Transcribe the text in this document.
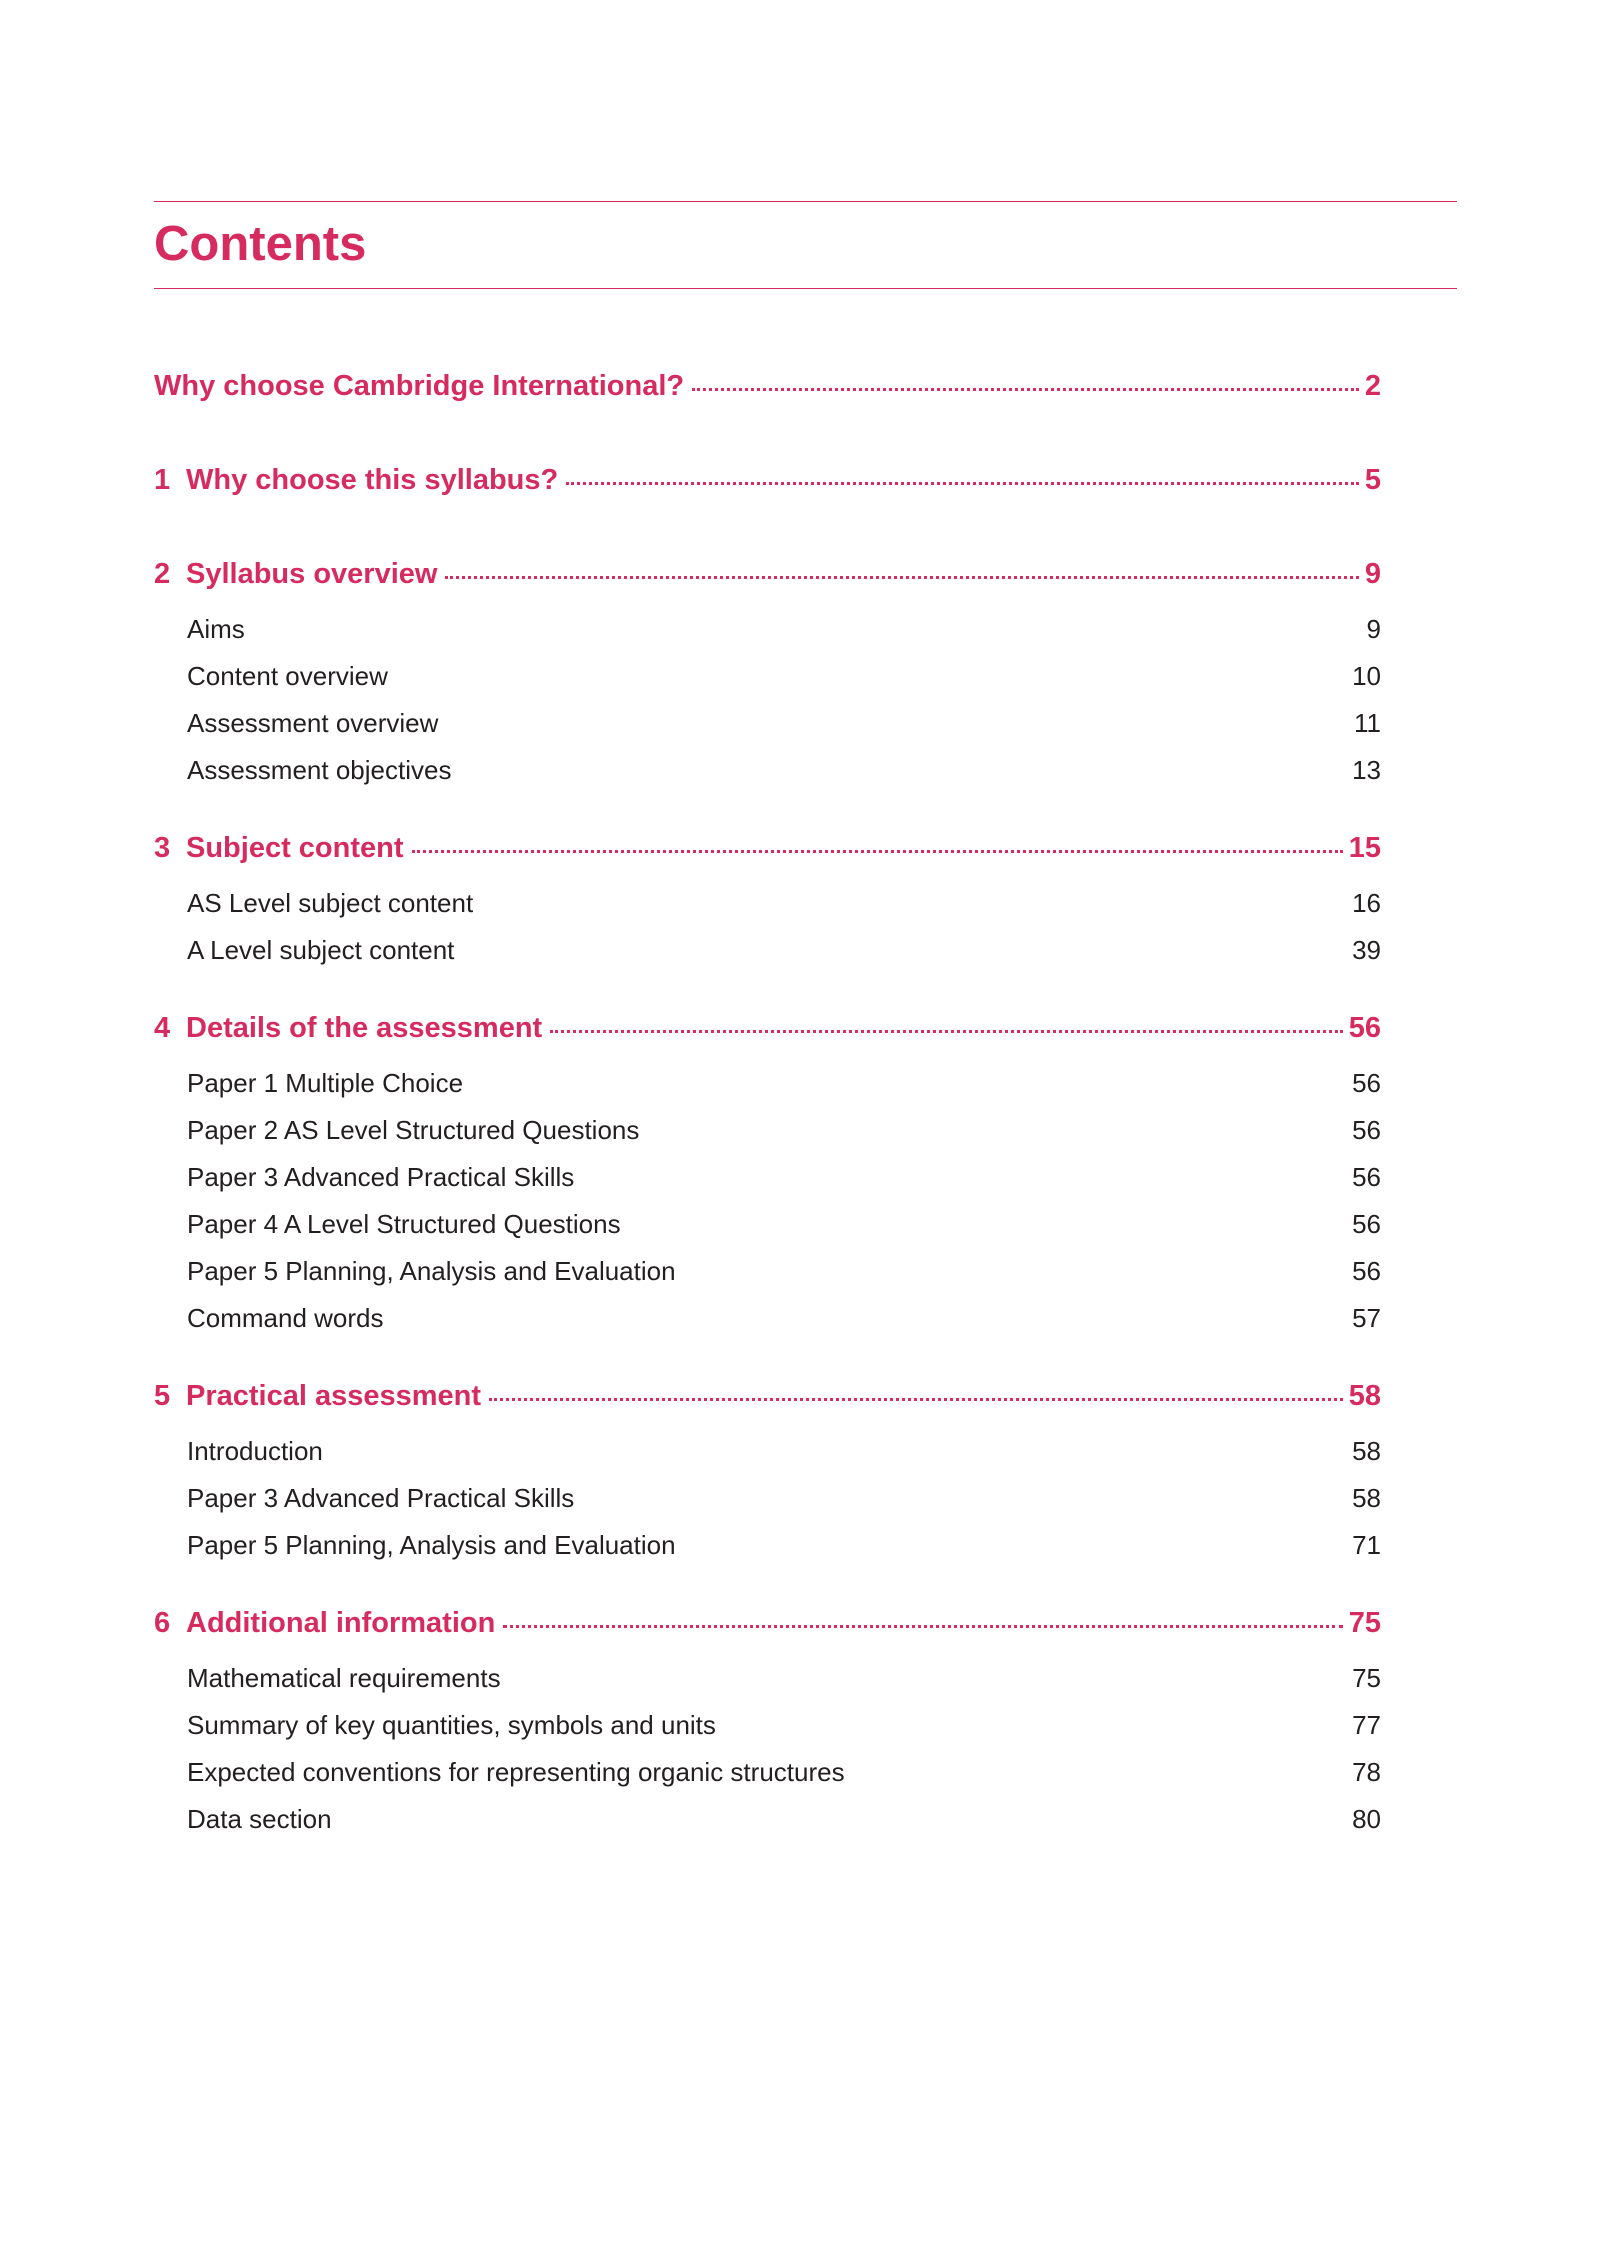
Contents
Why choose Cambridge International?	2
1 Why choose this syllabus?	5
2 Syllabus overview	9
Aims	9
Content overview	10
Assessment overview	11
Assessment objectives	13
3 Subject content	15
AS Level subject content	16
A Level subject content	39
4 Details of the assessment	56
Paper 1 Multiple Choice	56
Paper 2 AS Level Structured Questions	56
Paper 3 Advanced Practical Skills	56
Paper 4 A Level Structured Questions	56
Paper 5 Planning, Analysis and Evaluation	56
Command words	57
5 Practical assessment	58
Introduction	58
Paper 3 Advanced Practical Skills	58
Paper 5 Planning, Analysis and Evaluation	71
6 Additional information	75
Mathematical requirements	75
Summary of key quantities, symbols and units	77
Expected conventions for representing organic structures	78
Data section	80
